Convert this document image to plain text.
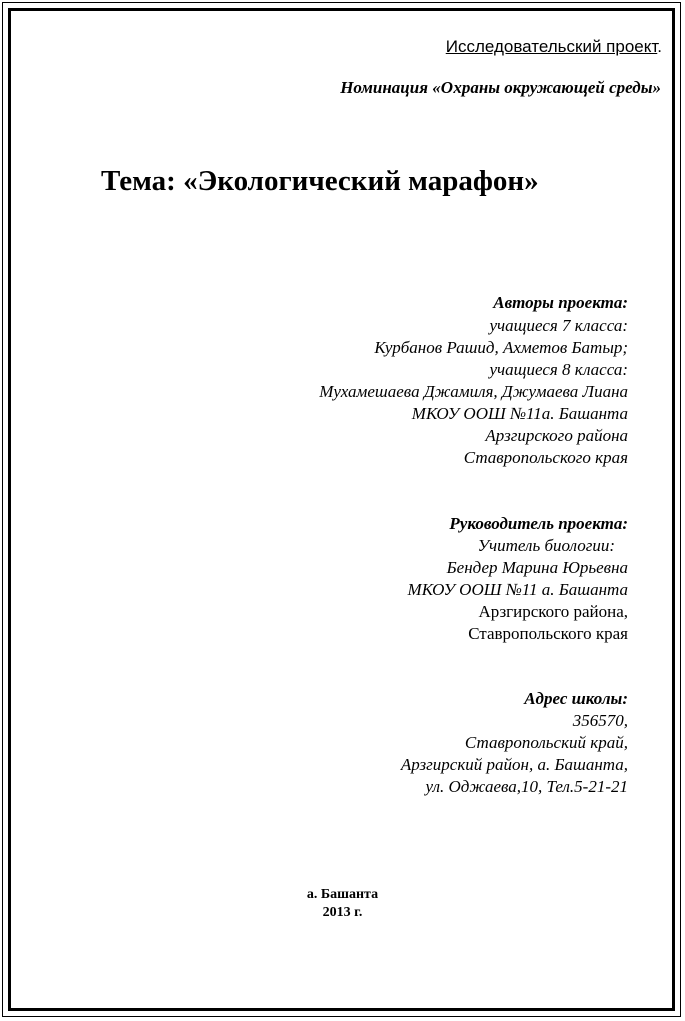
Исследовательский проект.
Номинация «Охраны окружающей среды»
Тема: «Экологический марафон»
Авторы проекта:
учащиеся 7 класса:
Курбанов Рашид, Ахметов Батыр;
учащиеся 8 класса:
Мухамешаева Джамиля, Джумаева Лиана
МКОУ ООШ №11а. Башанта
Арзгирского района
Ставропольского края
Руководитель проекта:
Учитель биологии:
Бендер Марина Юрьевна
МКОУ ООШ №11 а. Башанта
Арзгирского района,
Ставропольского края
Адрес школы:
356570,
Ставропольский край,
Арзгирский район, а. Башанта,
ул. Оджаева,10, Тел.5-21-21
а. Башанта
2013 г.
